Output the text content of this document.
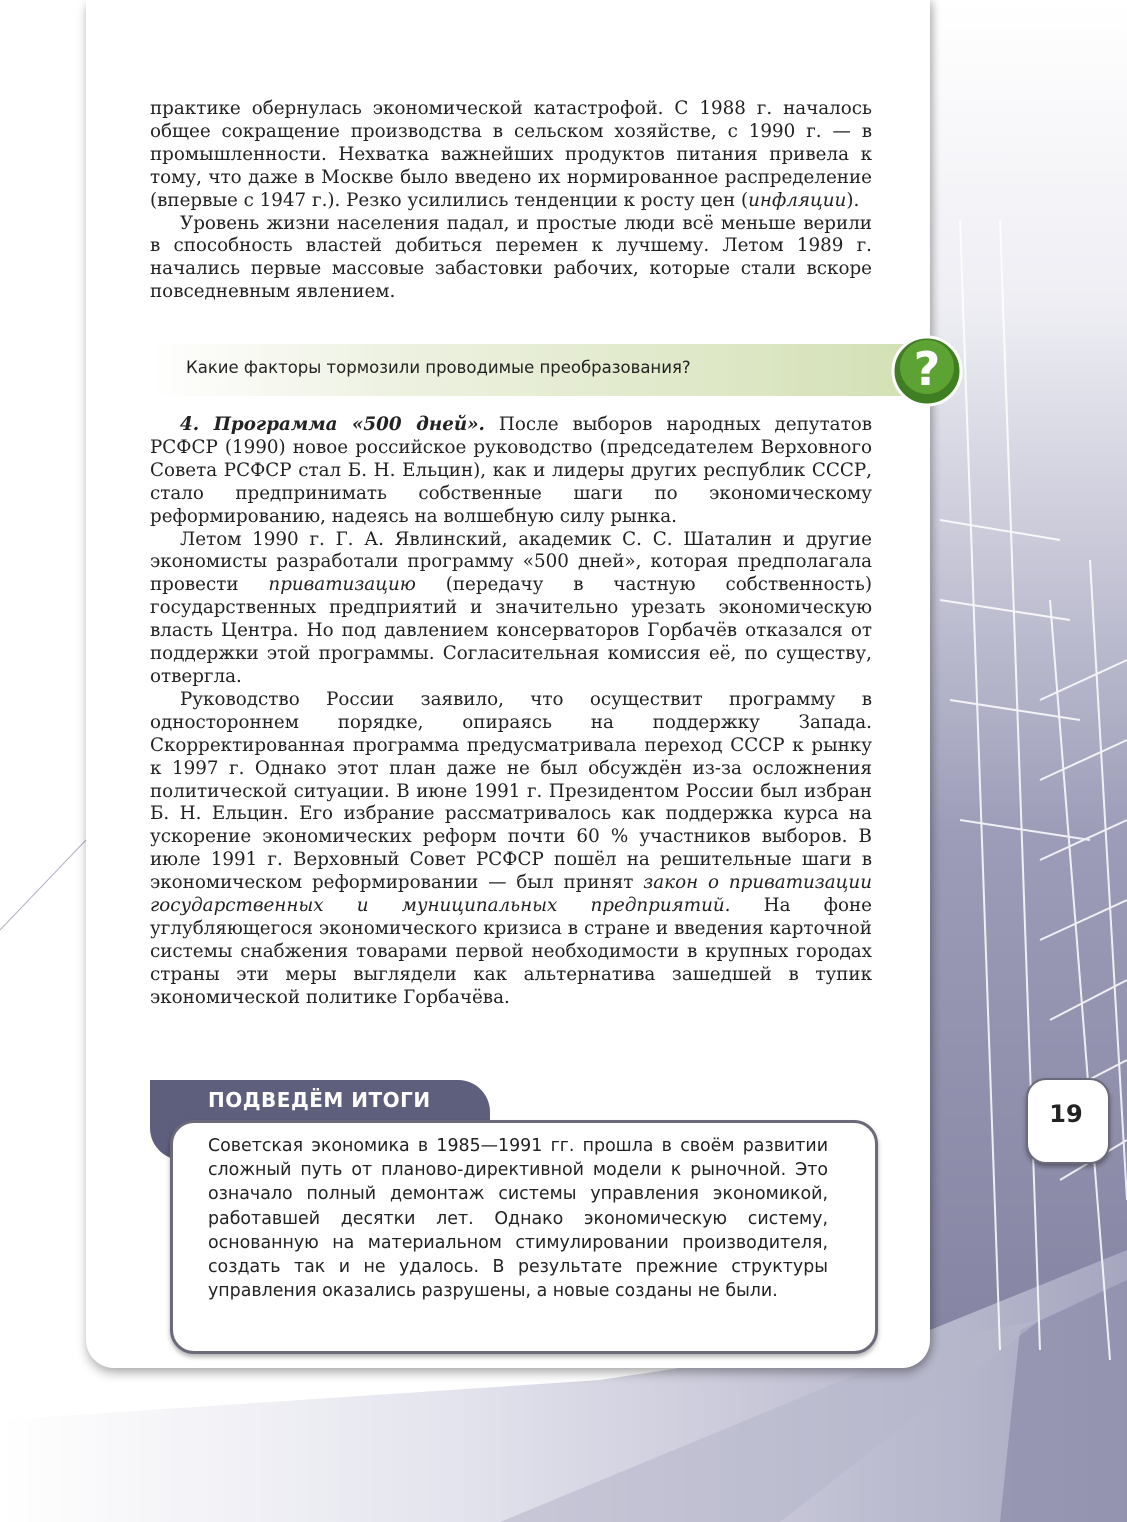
практике обернулась экономической катастрофой. С 1988 г. началось общее сокращение производства в сельском хозяйстве, с 1990 г. — в промышленности. Нехватка важнейших продуктов питания привела к тому, что даже в Москве было введено их нормированное распределение (впервые с 1947 г.). Резко усилились тенденции к росту цен (инфляции).

Уровень жизни населения падал, и простые люди всё меньше верили в способность властей добиться перемен к лучшему. Летом 1989 г. начались первые массовые забастовки рабочих, которые стали вскоре повседневным явлением.

Какие факторы тормозили проводимые преобразования?	?

4. Программа «500 дней». После выборов народных депутатов РСФСР (1990) новое российское руководство (председателем Верховного Совета РСФСР стал Б. Н. Ельцин), как и лидеры других республик СССР, стало предпринимать собственные шаги по экономическому реформированию, надеясь на волшебную силу рынка.

Летом 1990 г. Г. А. Явлинский, академик С. С. Шаталин и другие экономисты разработали программу «500 дней», которая предполагала провести приватизацию (передачу в частную собственность) государственных предприятий и значительно урезать экономическую власть Центра. Но под давлением консерваторов Горбачёв отказался от поддержки этой программы. Согласительная комиссия её, по существу, отвергла.

Руководство России заявило, что осуществит программу в одностороннем порядке, опираясь на поддержку Запада. Скорректированная программа предусматривала переход СССР к рынку к 1997 г. Однако этот план даже не был обсуждён из-за осложнения политической ситуации. В июне 1991 г. Президентом России был избран Б. Н. Ельцин. Его избрание рассматривалось как поддержка курса на ускорение экономических реформ почти 60 % участников выборов. В июле 1991 г. Верховный Совет РСФСР пошёл на решительные шаги в экономическом реформировании — был принят закон о приватизации государственных и муниципальных предприятий. На фоне углубляющегося экономического кризиса в стране и введения карточной системы снабжения товарами первой необходимости в крупных городах страны эти меры выглядели как альтернатива зашедшей в тупик экономической политике Горбачёва.

ПОДВЕДЁМ ИТОГИ
Советская экономика в 1985—1991 гг. прошла в своём развитии сложный путь от планово-директивной модели к рыночной. Это означало полный демонтаж системы управления экономикой, работавшей десятки лет. Однако экономическую систему, основанную на материальном стимулировании производителя, создать так и не удалось. В результате прежние структуры управления оказались разрушены, а новые созданы не были.
19
